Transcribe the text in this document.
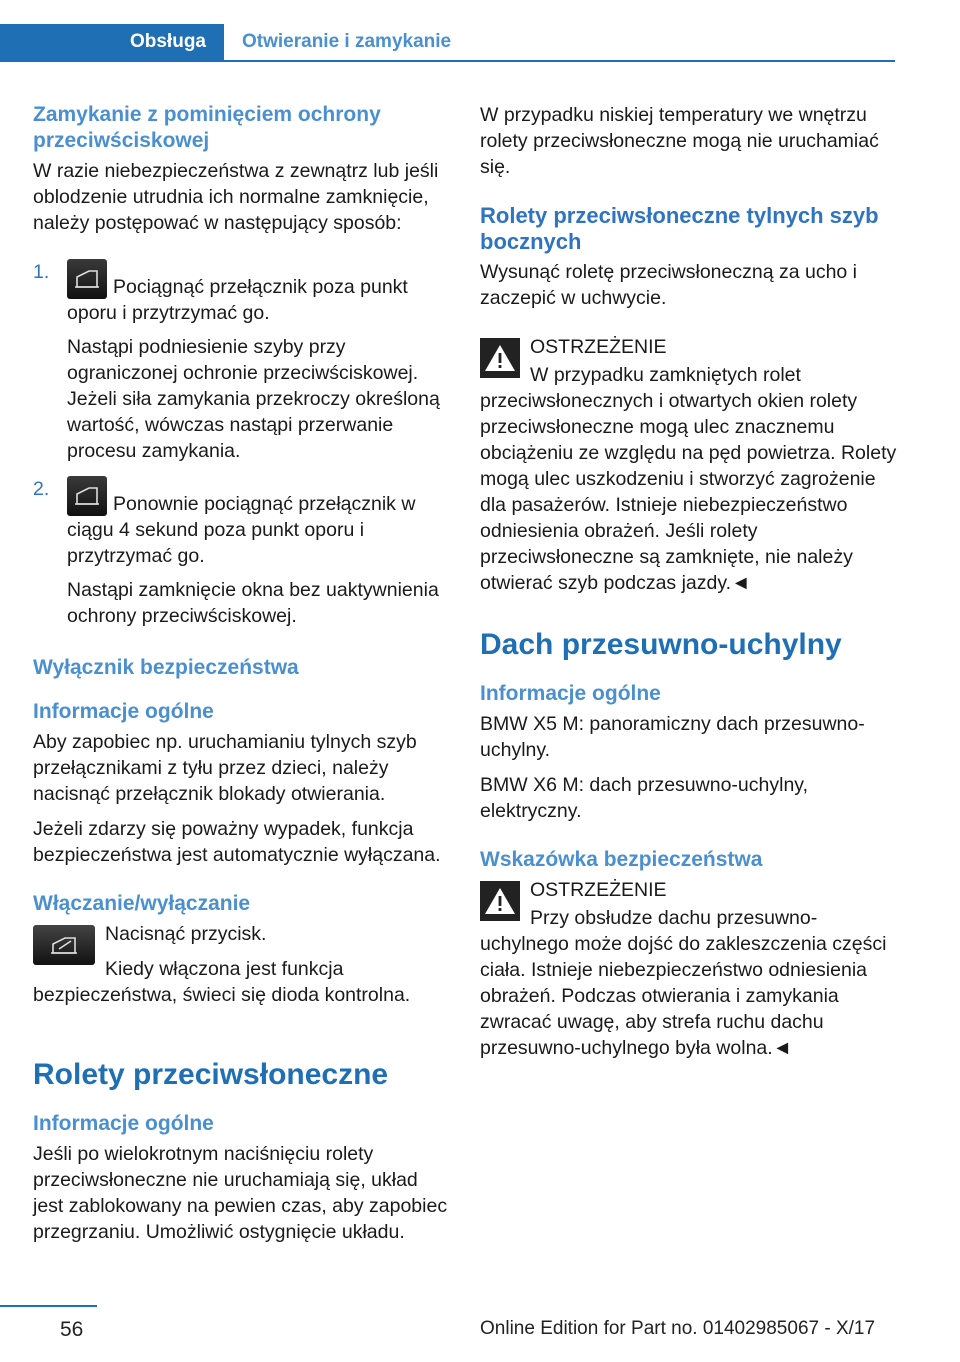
Obsługa	Otwieranie i zamykanie
Zamykanie z pominięciem ochrony przeciwściskowej

W razie niebezpieczeństwa z zewnątrz lub jeśli oblodzenie utrudnia ich normalne zamknięcie, należy postępować w następujący sposób:

1.

Pociągnąć przełącznik poza punkt oporu i przytrzymać go.

Nastąpi podniesienie szyby przy ograniczonej ochronie przeciwściskowej. Jeżeli siła zamykania przekroczy określoną wartość, wówczas nastąpi przerwanie procesu zamykania.

2.

Ponownie pociągnąć przełącznik w ciągu 4 sekund poza punkt oporu i przytrzymać go.

Nastąpi zamknięcie okna bez uaktywnienia ochrony przeciwściskowej.

Wyłącznik bezpieczeństwa
Informacje ogólne

Aby zapobiec np. uruchamianiu tylnych szyb przełącznikami z tyłu przez dzieci, należy nacisnąć przełącznik blokady otwierania.

Jeżeli zdarzy się poważny wypadek, funkcja bezpieczeństwa jest automatycznie wyłączana.

Włączanie/wyłączanie

Nacisnąć przycisk.

Kiedy włączona jest funkcja bezpieczeństwa, świeci się dioda kontrolna.

Rolety przeciwsłoneczne
Informacje ogólne

Jeśli po wielokrotnym naciśnięciu rolety przeciwsłoneczne nie uruchamiają się, układ jest zablokowany na pewien czas, aby zapobiec przegrzaniu. Umożliwić ostygnięcie układu.

W przypadku niskiej temperatury we wnętrzu rolety przeciwsłoneczne mogą nie uruchamiać się.

Rolety przeciwsłoneczne tylnych szyb bocznych

Wysunąć roletę przeciwsłoneczną za ucho i zaczepić w uchwycie.

OSTRZEŻENIE

W przypadku zamkniętych rolet przeciwsłonecznych i otwartych okien rolety przeciwsłoneczne mogą ulec znacznemu obciążeniu ze względu na pęd powietrza. Rolety mogą ulec uszkodzeniu i stworzyć zagrożenie dla pasażerów. Istnieje niebezpieczeństwo odniesienia obrażeń. Jeśli rolety przeciwsłoneczne są zamknięte, nie należy otwierać szyb podczas jazdy.◄

Dach przesuwno-uchylny
Informacje ogólne

BMW X5 M: panoramiczny dach przesuwno-uchylny.

BMW X6 M: dach przesuwno-uchylny, elektryczny.

Wskazówka bezpieczeństwa

OSTRZEŻENIE

Przy obsłudze dachu przesuwno-uchylnego może dojść do zakleszczenia części ciała. Istnieje niebezpieczeństwo odniesienia obrażeń. Podczas otwierania i zamykania zwracać uwagę, aby strefa ruchu dachu przesuwno-uchylnego była wolna.◄

56	Online Edition for Part no. 01402985067 - X/17
